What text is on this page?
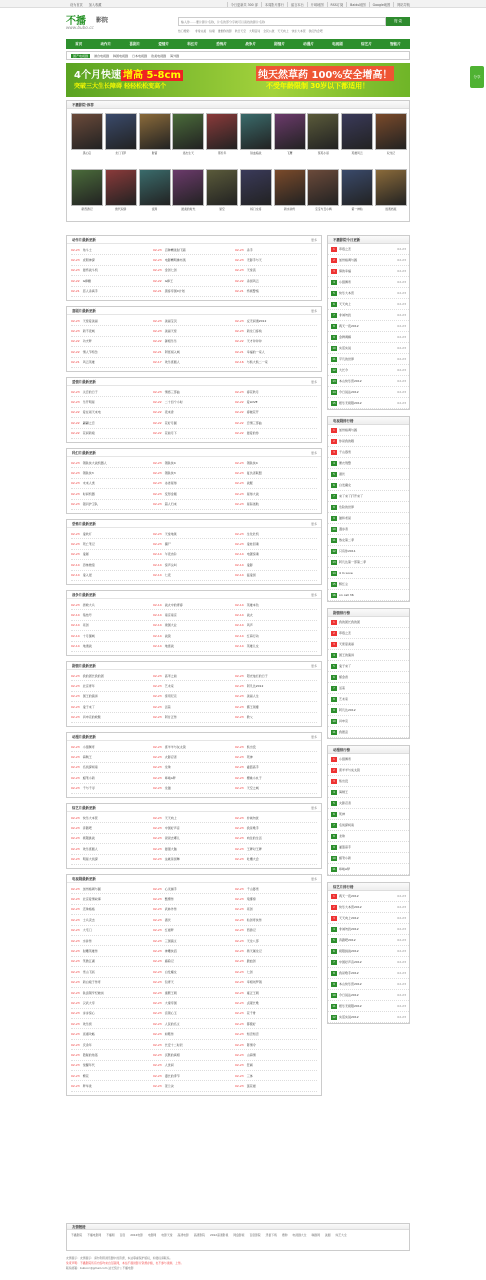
设为首页 加入收藏	今日更新共 300 部	本周影片排行	留言本台	片味地图	RSS订阅	Baidu地图	Google地图	网站导航
不播 影院
www.bubo.cc
输入你……要片影片名称，片名的部分字就可以查找的影片名称
搜 索
热门搜索： 非常完美 仙境 推倒你的影 秋日天空 大明宫词 全民公敌 天天向上 快乐大本营 我们约会吧
首页	动作片	喜剧片	爱情片	科幻片	恐怖片	战争片	剧情片	动漫片	电视剧	综艺片	智能片
国产电视剧	港台电视剧 韩国电视剧 日本电视剧 欧美电视剧 海外剧
4个月快速 增高 5-8cm
突破三大生长障碍 轻轻松松变高个
纯天然草药 100%安全增高！
不受年龄限制 30岁以下都适用！
不播影院-推荐
黑心店	龙门飞甲	财富	逃出生天	那些年	铁血暗战	飞鹰	蔡英小哥	英雄风云	双龙记
新西游记	绝代双骄	饭局	最美的时光	星空	杨门女将	新水浒传	宝宝与丑小鸭	第一神仙	迷离档案
动作片最新更新	更多
02-23 角斗士	02-23 百种精进射飞箭	02-23 杀手
02-23 虎胆神探	02-23 电影精明佛布琉	02-23 无影手与天
02-23 最终战斗机	02-23 金剑七剑	02-23 天堂流
02-22 G棒糖	02-22 G棒王	02-22 杀街风云
02-21 恶人杀真手	02-21 黑客帝国X计划	02-21 终极警察
喜剧片最新更新	更多
02-23 天使爱美丽	02-23 美丽宝贝	02-23 反无间道2012
02-23 新不夜城	02-23 美丽天使	02-23 新龙门客栈
02-22 功夫梦	02-22 御姐乐乐	02-22 天才冲冲冲
02-22 情人节特急	02-21 阿怪闯入城	02-21 幸福的一家人
02-21 风云英雄	02-17 欢乐喜剧人	02-16 与熊大熊二一家
爱情片最新更新	更多
02-23 失恋的日子	02-23 情感三部曲	02-23 春花秋月
02-23 乐开明星	02-22 二十四个小时	02-22 爱LOVE
02-22 爱在雨天来电	02-22 夜来香	02-22 春暖花开
02-22 翩翩之恋	02-22 花好月圆	02-22 恋情三部曲
02-22 花间新娘	02-22 花前月下	02-22 最爱的你
科幻片最新更新	更多
02-23 钢铁侠大战机器人	02-23 钢铁侠4	02-23 钢铁侠4
02-23 钢铁侠3	02-23 钢铁侠3	02-23 复仇者联盟
02-23 未来人类	02-23 冰冻星球	02-23 战舰
02-23 时间机器	02-23 变形金刚	02-23 星球大战
02-23 银河护卫队	02-23 超人归来	02-23 星际迷航
恐怖片最新更新	更多
02-23 鬼吹灯	02-23 天堂地狱	02-23 生化危机
02-23 死亡笔记	02-23 僵尸	02-23 鬼娃回魂
02-23 鬼屋	02-14 午夜凶铃	02-14 电锯惊魂
02-14 恐怖旅馆	02-14 惊声尖叫	02-14 鬼影
02-14 鬼入侵	02-14 七夜	02-14 猛鬼街
战争片最新更新	更多
02-23 拯救大兵	02-14 战火中的青春	02-14 英雄本色
02-14 集结号	02-14 南京南京	02-14 战火
02-14 亮剑	02-14 建国大业	02-14 风声
02-14 十月围城	02-14 战狼	02-14 红海行动
02-14 地道战	02-14 地雷战	02-14 英雄儿女
剧情片最新更新	更多
02-23 我的团长我的团	02-23 高考之前	02-23 阳光灿烂的日子
02-23 北京青年	02-23 艺术家	02-23 阿凡达2012
02-23 国王的演讲	02-23 泰坦尼克	02-23 美丽人生
02-23 鬼子来了	02-23 活着	02-23 霸王别姬
02-23 肖申克的救赎	02-23 阿甘正传	02-23 教父
动漫片最新更新	更多
02-23 小猪佩奇	02-23 喜羊羊与灰太狼	02-23 熊出没
02-23 海贼王	02-23 火影忍者	02-23 死神
02-23 名侦探柯南	02-23 龙珠	02-23 灌篮高手
02-23 蜡笔小新	02-23 哆啦A梦	02-23 樱桃小丸子
02-23 千与千寻	02-23 龙猫	02-23 天空之城
综艺片最新更新	更多
02-23 快乐大本营	02-23 天天向上	02-23 非诚勿扰
02-23 奔跑吧	02-23 中国好声音	02-23 我是歌手
02-23 极限挑战	02-23 爸爸去哪儿	02-23 向往的生活
02-23 欢乐喜剧人	02-23 最强大脑	02-23 王牌对王牌
02-23 明星大侦探	02-23 这就是街舞	02-23 吐槽大会
电视剧最新更新	更多
02-23 加州格调与圆	02-23 心灵捕手	02-23 千山暮雪
02-23 北京爱情故事	02-23 甄嬛传	02-23 琅琊榜
02-23 还珠格格	02-23 武林外传	02-23 亮剑
02-23 士兵突击	02-23 潜伏	02-23 仙剑奇侠传
02-23 大宅门	02-23 红楼梦	02-23 西游记
02-23 水浒传	02-23 三国演义	02-23 天龙八部
02-23 射雕英雄传	02-23 神雕侠侣	02-23 倚天屠龙记
02-23 笑傲江湖	02-23 鹿鼎记	02-23 碧血剑
02-23 雪山飞狐	02-23 白发魔女	02-23 七剑
02-23 新白娘子传奇	02-23 包青天	02-23 宰相刘罗锅
02-23 铁齿铜牙纪晓岚	02-23 康熙王朝	02-23 雍正王朝
02-23 汉武大帝	02-23 大秦帝国	02-23 贞观长歌
02-23 步步惊心	02-23 宫锁心玉	02-23 花千骨
02-23 欢乐颂	02-23 人民的名义	02-23 都挺好
02-23 延禧攻略	02-23 如懿传	02-23 知否知否
02-23 庆余年	02-23 长安十二时辰	02-23 陈情令
02-23 隐秘的角落	02-23 沉默的真相	02-23 山海情
02-23 觉醒年代	02-23 人世间	02-23 狂飙
02-23 繁花	02-23 漫长的季节	02-23 三体
02-23 梦华录	02-23 苍兰诀	02-23 莲花楼
不播影院今日更新
1	草莓之恋	02-23
2	加州格调与圆	02-23
3	倩的幸福	02-23
4	小猪佩奇	02-23
5	快乐大本营	02-23
6	天天向上	02-23
7	非诚勿扰	02-23
8	两天一夜2012	02-23
9	金牌调解	02-23
10	实话实说	02-23
11	平凡的世界	02-23
12	大长今	02-23
13	本山快乐营2012	02-23
14	今日说法2012	02-23
15	娱乐无极限2012	02-23
电视剧排行榜
1	加州格调与圆
2	你是我的眼
3	千山暮雪
4	便衣刑警
5	潜伏
6	白发魔女
7	来了来了打开来了
8	危险的世界
9	猫和老鼠
10	漫步者
11	熟女第二季
12	只有你2011
13	阿凡达第一部第二季
14	4 In Love
15	醉红尘
16	on call 36
剧情排行榜
1	我的团长我的团
2	草莓之恋
3	天使爱美丽
4	国王的演讲
5	鬼子来了
6	郁金香
7	活着
8	艺术家
9	阿凡达2012
10	肖申克
11	我愿意
动漫排行榜
1	小猪佩奇
2	喜羊羊与灰太狼
3	熊出没
4	海贼王
5	火影忍者
6	死神
7	名侦探柯南
8	龙珠
9	灌篮高手
10	蜡笔小新
11	哆啦A梦
综艺片排行榜
1	两天一夜2012	02-23
2	快乐大本营2012	02-23
3	天天向上2012	02-23
4	非诚勿扰2012	02-23
5	奔跑吧2012	02-23
6	极限挑战2012	02-23
7	中国好声音2012	02-23
8	我是歌手2012	02-23
9	本山快乐营2012	02-23
10	今日说法2012	02-23
11	娱乐无极限2012	02-23
12	实话实说2012	02-23
友情链接
不播影院 不播电影网 不播网 百度 2012电影 电影网 电影天堂 高清电影 高清影院 2012高清影视 网盘影视 百度影院 迅雷下载 搜狗 电视剧大全 韩剧网 美剧 综艺大全
友情提示：友情提示：请勿利用浏览器中的资源，本站尊重保护版权，如侵权请联系。
免责声明：不播影院所有内容均来自互联网，本站不提供影片资源存储，也不参与录制、上传。
联系邮箱：bubocc@gmail.com 站长统计 | 不播电影
分享
